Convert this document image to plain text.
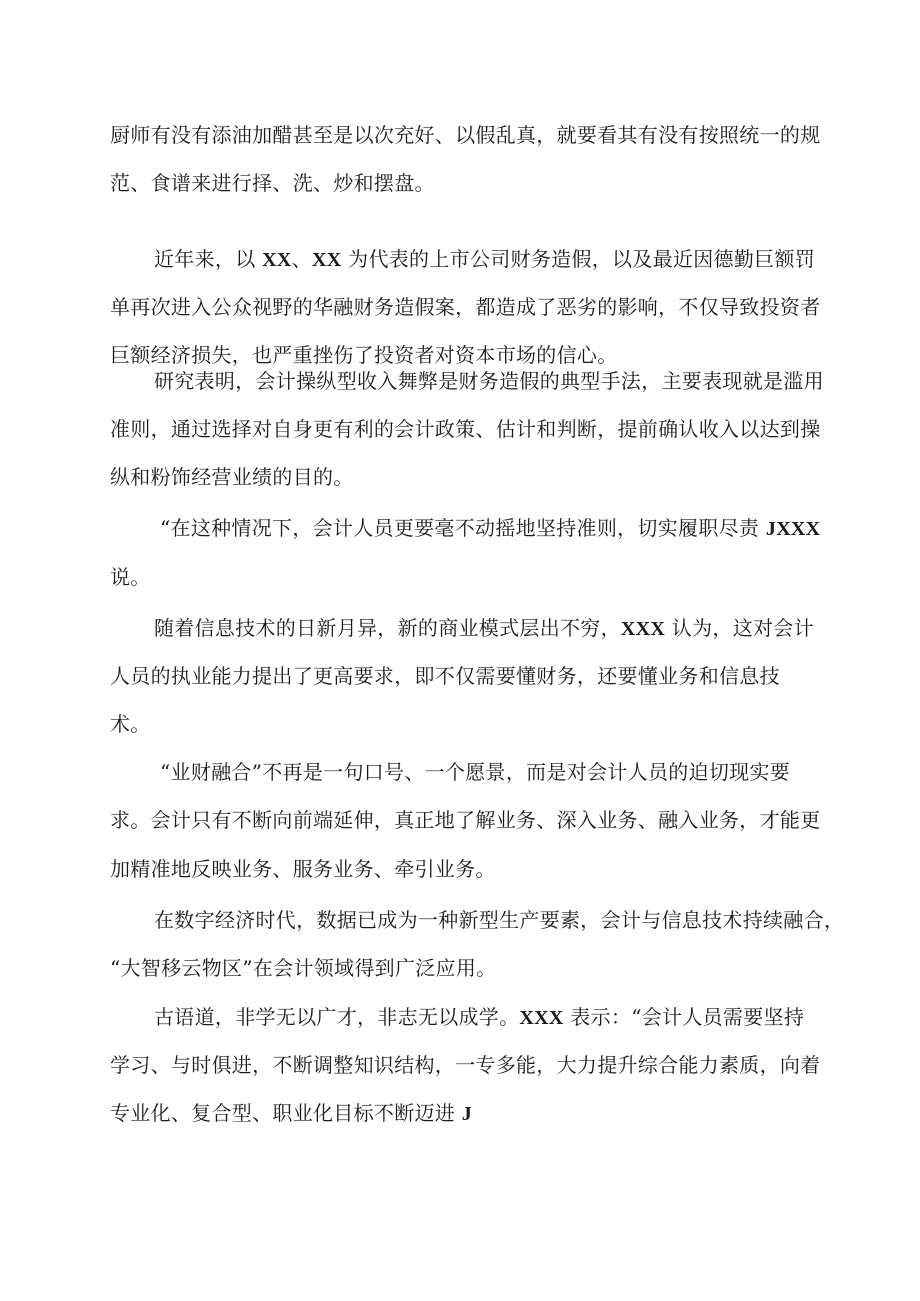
厨师有没有添油加醋甚至是以次充好、以假乱真，就要看其有没有按照统一的规
范、食谱来进行择、洗、炒和摆盘。
近年来，以 XX、XX 为代表的上市公司财务造假，以及最近因德勤巨额罚
单再次进入公众视野的华融财务造假案，都造成了恶劣的影响，不仅导致投资者
巨额经济损失，也严重挫伤了投资者对资本市场的信心。
研究表明，会计操纵型收入舞弊是财务造假的典型手法，主要表现就是滥用
准则，通过选择对自身更有利的会计政策、估计和判断，提前确认收入以达到操
纵和粉饰经营业绩的目的。
“在这种情况下，会计人员更要毫不动摇地坚持准则，切实履职尽责 JXXX
说。
随着信息技术的日新月异，新的商业模式层出不穷，XXX 认为，这对会计
人员的执业能力提出了更高要求，即不仅需要懂财务，还要懂业务和信息技
术。
“业财融合”不再是一句口号、一个愿景，而是对会计人员的迫切现实要
求。会计只有不断向前端延伸，真正地了解业务、深入业务、融入业务，才能更
加精准地反映业务、服务业务、牵引业务。
在数字经济时代，数据已成为一种新型生产要素，会计与信息技术持续融合，
“大智移云物区”在会计领域得到广泛应用。
古语道，非学无以广才，非志无以成学。XXX 表示：“会计人员需要坚持
学习、与时俱进，不断调整知识结构，一专多能，大力提升综合能力素质，向着
专业化、复合型、职业化目标不断迈进 J
